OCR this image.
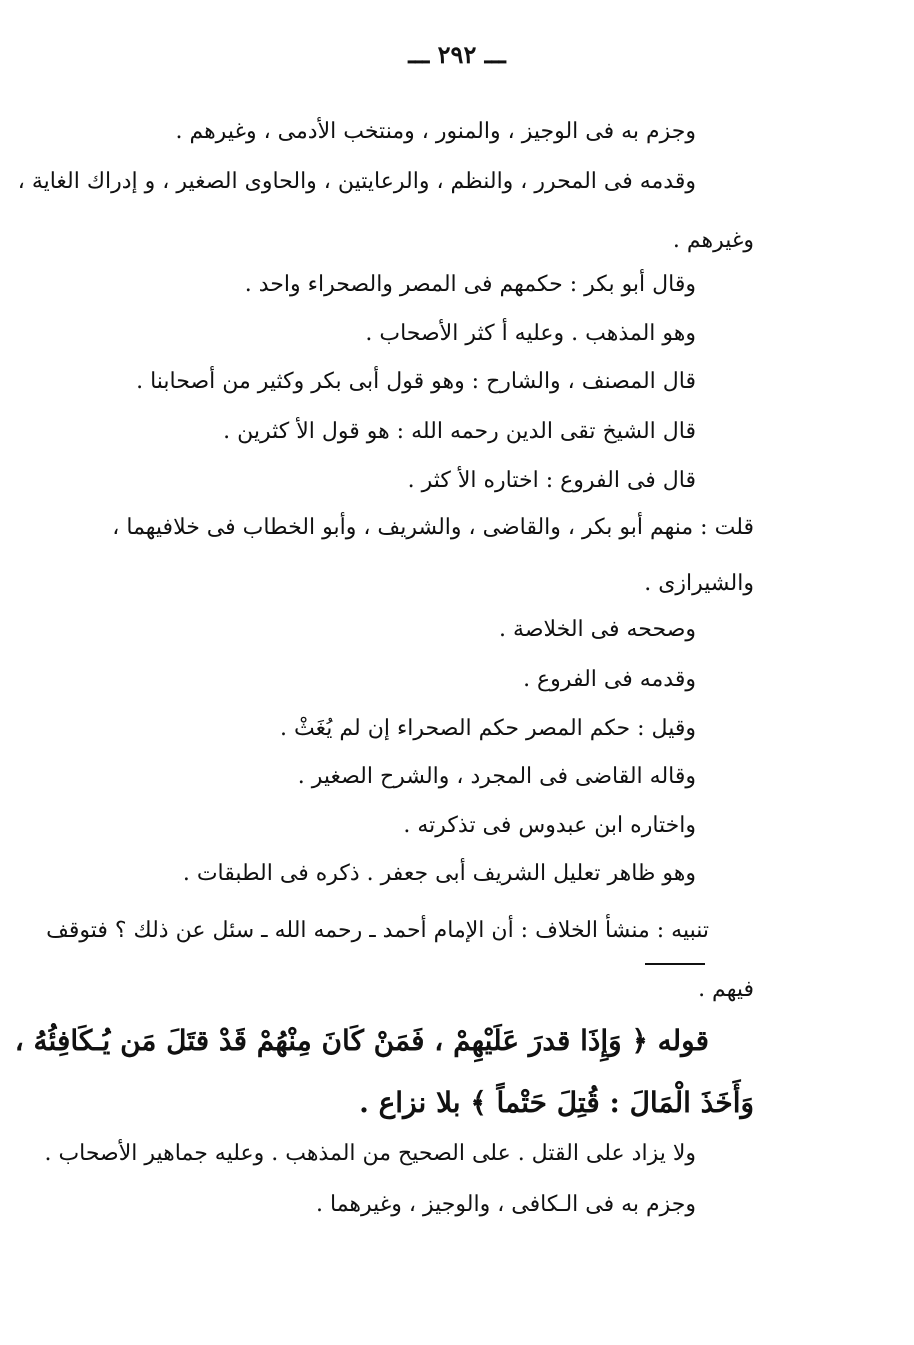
ـــ ٢٩٢ ـــ
وجزم به فى الوجيز ، والمنور ، ومنتخب الأدمى ، وغيرهم .
وقدمه فى المحرر ، والنظم ، والرعايتين ، والحاوى الصغير ، و إدراك الغاية ،
وغيرهم .
وقال أبو بكر : حكمهم فى المصر والصحراء واحد .
وهو المذهب . وعليه أ كثر الأصحاب .
قال المصنف ، والشارح : وهو قول أبى بكر وكثير من أصحابنا .
قال الشيخ تقى الدين رحمه الله : هو قول الأ كثرين .
قال فى الفروع : اختاره الأ كثر .
قلت : منهم أبو بكر ، والقاضى ، والشريف ، وأبو الخطاب فى خلافيهما ،
والشيرازى .
وصححه فى الخلاصة .
وقدمه فى الفروع .
وقيل : حكم المصر حكم الصحراء إن لم يُغَثْ .
وقاله القاضى فى المجرد ، والشرح الصغير .
واختاره ابن عبدوس فى تذكرته .
وهو ظاهر تعليل الشريف أبى جعفر . ذكره فى الطبقات .
تنبيه : منشأ الخلاف : أن الإمام أحمد ـ رحمه الله ـ سئل عن ذلك ؟ فتوقف
فيهم .
قوله ﴿ وَإِذَا قدرَ عَلَيْهِمْ ، فَمَنْ كَانَ مِنْهُمْ قَدْ قتَلَ مَن يُـكَافِئُهُ ،
وَأَخَذَ الْمَالَ : قُتِلَ حَتْماً ﴾ بلا نزاع .
ولا يزاد على القتل . على الصحيح من المذهب . وعليه جماهير الأصحاب .
وجزم به فى الـكافى ، والوجيز ، وغيرهما .
